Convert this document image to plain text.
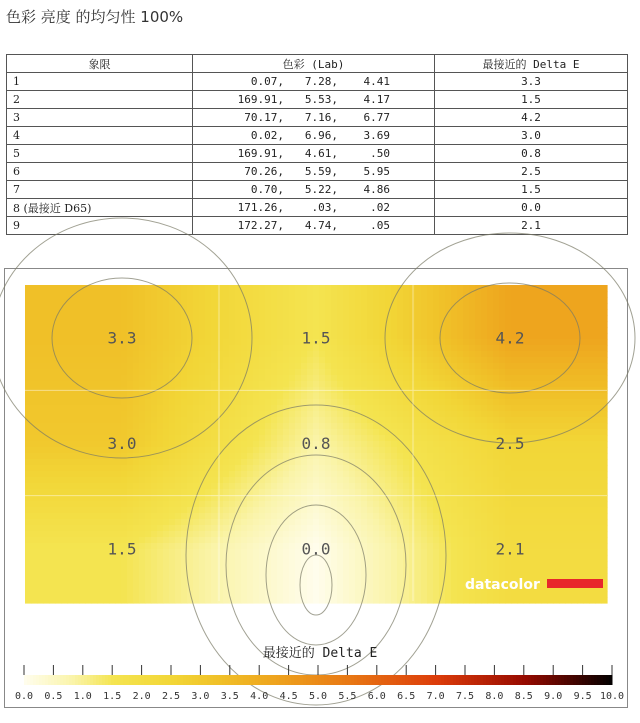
色彩 亮度 的均匀性 100%
象限	色彩 (Lab)	最接近的 Delta E
1	0.07, 7.28, 4.41	3.3
2	169.91, 5.53, 4.17	1.5
3	70.17, 7.16, 6.77	4.2
4	0.02, 6.96, 3.69	3.0
5	169.91, 4.61, .50	0.8
6	70.26, 5.59, 5.95	2.5
7	0.70, 5.22, 4.86	1.5
8 (最接近 D65)	171.26, .03, .02	0.0
9	172.27, 4.74, .05	2.1
3.3	1.5	4.2
3.0	0.8	2.5
1.5	0.0	2.1
datacolor
最接近的 Delta E
0.0 0.5 1.0 1.5 2.0 2.5 3.0 3.5 4.0 4.5 5.0 5.5 6.0 6.5 7.0 7.5 8.0 8.5 9.0 9.5 10.0
